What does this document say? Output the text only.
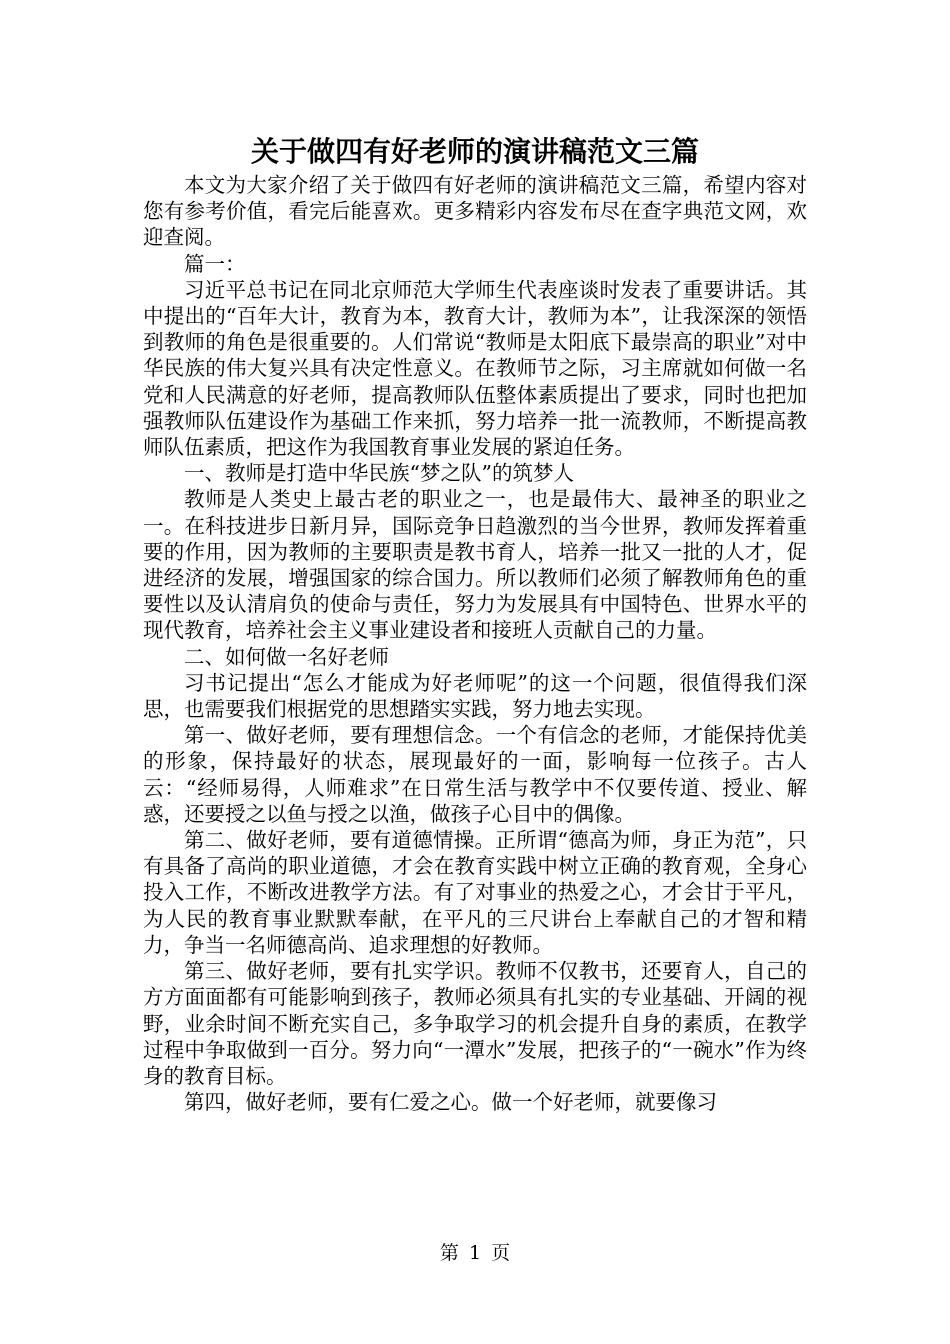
关于做四有好老师的演讲稿范文三篇

本文为大家介绍了关于做四有好老师的演讲稿范文三篇，希望内容对您有参考价值，看完后能喜欢。更多精彩内容发布尽在查字典范文网，欢迎查阅。

篇一：

习近平总书记在同北京师范大学师生代表座谈时发表了重要讲话。其中提出的“百年大计，教育为本，教育大计，教师为本”，让我深深的领悟到教师的角色是很重要的。人们常说“教师是太阳底下最崇高的职业”对中华民族的伟大复兴具有决定性意义。在教师节之际，习主席就如何做一名党和人民满意的好老师，提高教师队伍整体素质提出了要求，同时也把加强教师队伍建设作为基础工作来抓，努力培养一批一流教师，不断提高教师队伍素质，把这作为我国教育事业发展的紧迫任务。

一、教师是打造中华民族“梦之队”的筑梦人

教师是人类史上最古老的职业之一，也是最伟大、最神圣的职业之一。在科技进步日新月异，国际竞争日趋激烈的当今世界，教师发挥着重要的作用，因为教师的主要职责是教书育人，培养一批又一批的人才，促进经济的发展，增强国家的综合国力。所以教师们必须了解教师角色的重要性以及认清肩负的使命与责任，努力为发展具有中国特色、世界水平的现代教育，培养社会主义事业建设者和接班人贡献自己的力量。

二、如何做一名好老师

习书记提出“怎么才能成为好老师呢”的这一个问题，很值得我们深思，也需要我们根据党的思想踏实实践，努力地去实现。

第一、做好老师，要有理想信念。一个有信念的老师，才能保持优美的形象，保持最好的状态，展现最好的一面，影响每一位孩子。古人云：“经师易得，人师难求”在日常生活与教学中不仅要传道、授业、解惑，还要授之以鱼与授之以渔，做孩子心目中的偶像。

第二、做好老师，要有道德情操。正所谓“德高为师，身正为范”，只有具备了高尚的职业道德，才会在教育实践中树立正确的教育观，全身心投入工作，不断改进教学方法。有了对事业的热爱之心，才会甘于平凡，为人民的教育事业默默奉献，在平凡的三尺讲台上奉献自己的才智和精力，争当一名师德高尚、追求理想的好教师。

第三、做好老师，要有扎实学识。教师不仅教书，还要育人，自己的方方面面都有可能影响到孩子，教师必须具有扎实的专业基础、开阔的视野，业余时间不断充实自己，多争取学习的机会提升自身的素质，在教学过程中争取做到一百分。努力向“一潭水”发展，把孩子的“一碗水”作为终身的教育目标。

第四，做好老师，要有仁爱之心。做一个好老师，就要像习

第 1 页
